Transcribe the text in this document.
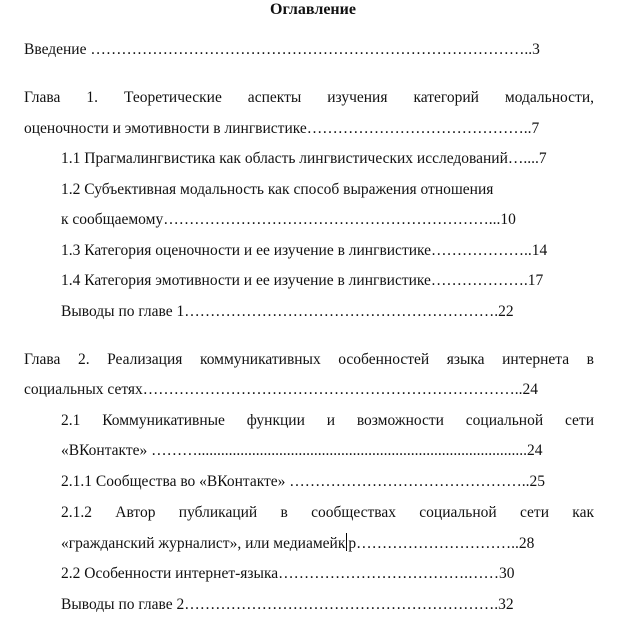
Оглавление
Введение …………………………………………………………………………..3
Глава 1. Теоретические аспекты изучения категорий модальности,
оценочности и эмотивности в лингвистике……………………………………..7
1.1 Прагмалингвистика как область лингвистических исследований…....7
1.2 Субъективная модальность как способ выражения отношения
к сообщаемому………………………………………………………...10
1.3 Категория оценочности и ее изучение в лингвистике………………..14
1.4 Категория эмотивности и ее изучение в лингвистике……………….17
Выводы по главе 1…………………………………………………….22
Глава 2. Реализация коммуникативных особенностей языка интернета в
социальных сетях………………………………………………………………..24
2.1 Коммуникативные функции и возможности социальной сети
«ВКонтакте» ……….....................................................................................24
2.1.1 Сообщества во «ВКонтакте» ………………………………………..25
2.1.2 Автор публикаций в сообществах социальной сети как
«гражданский журналист», или медиамейк р…………………………..28
2.2 Особенности интернет-языка……………………………….……30
Выводы по главе 2…………………………………………………….32
